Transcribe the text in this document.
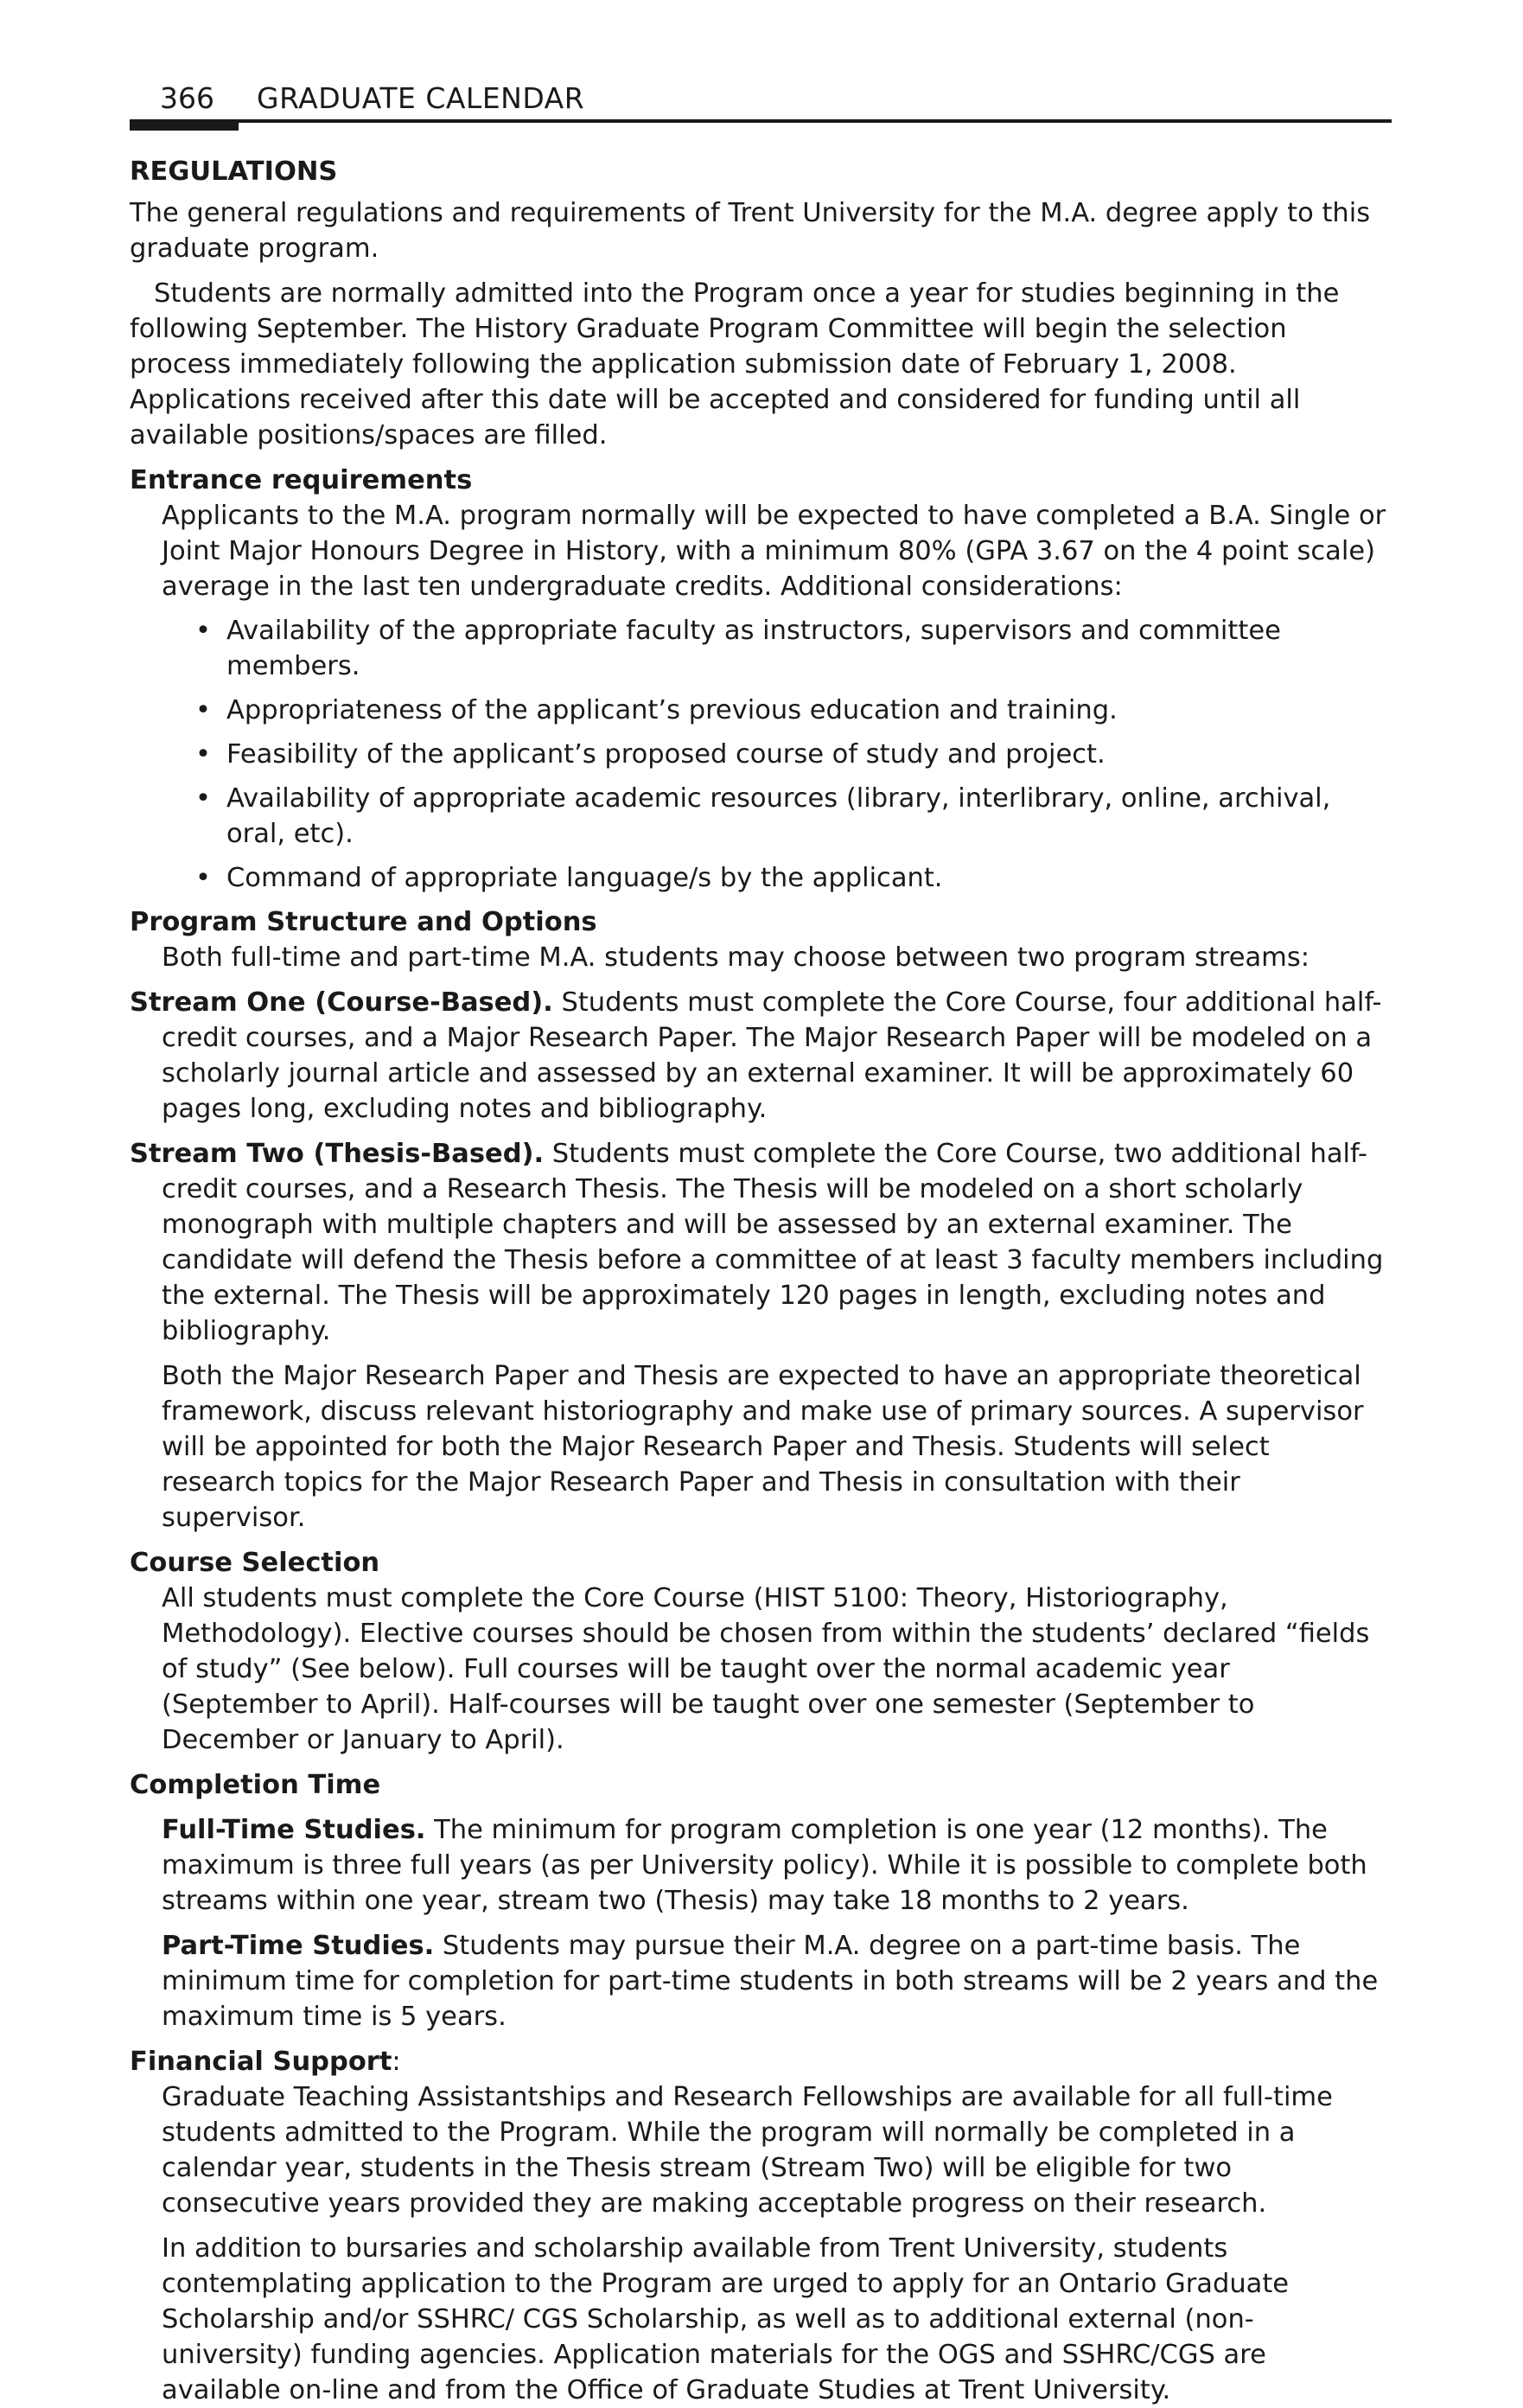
366 GRADUATE CALENDAR

REGULATIONS

The general regulations and requirements of Trent University for the M.A. degree apply to this graduate program.

Students are normally admitted into the Program once a year for studies beginning in the following September. The History Graduate Program Committee will begin the selection process immediately following the application submission date of February 1, 2008. Applications received after this date will be accepted and considered for funding until all available positions/spaces are filled.

Entrance requirements

Applicants to the M.A. program normally will be expected to have completed a B.A. Single or Joint Major Honours Degree in History, with a minimum 80% (GPA 3.67 on the 4 point scale) average in the last ten undergraduate credits. Additional considerations:

• Availability of the appropriate faculty as instructors, supervisors and committee members.
• Appropriateness of the applicant’s previous education and training.
• Feasibility of the applicant’s proposed course of study and project.
• Availability of appropriate academic resources (library, interlibrary, online, archival, oral, etc).
• Command of appropriate language/s by the applicant.

Program Structure and Options

Both full-time and part-time M.A. students may choose between two program streams:

Stream One (Course-Based). Students must complete the Core Course, four additional half-credit courses, and a Major Research Paper. The Major Research Paper will be modeled on a scholarly journal article and assessed by an external examiner. It will be approximately 60 pages long, excluding notes and bibliography.

Stream Two (Thesis-Based). Students must complete the Core Course, two additional half-credit courses, and a Research Thesis. The Thesis will be modeled on a short scholarly monograph with multiple chapters and will be assessed by an external examiner. The candidate will defend the Thesis before a committee of at least 3 faculty members including the external. The Thesis will be approximately 120 pages in length, excluding notes and bibliography.

Both the Major Research Paper and Thesis are expected to have an appropriate theoretical framework, discuss relevant historiography and make use of primary sources. A supervisor will be appointed for both the Major Research Paper and Thesis. Students will select research topics for the Major Research Paper and Thesis in consultation with their supervisor.

Course Selection

All students must complete the Core Course (HIST 5100: Theory, Historiography, Methodology). Elective courses should be chosen from within the students’ declared “fields of study” (See below). Full courses will be taught over the normal academic year (September to April). Half-courses will be taught over one semester (September to December or January to April).

Completion Time

Full-Time Studies. The minimum for program completion is one year (12 months). The maximum is three full years (as per University policy). While it is possible to complete both streams within one year, stream two (Thesis) may take 18 months to 2 years.

Part-Time Studies. Students may pursue their M.A. degree on a part-time basis. The minimum time for completion for part-time students in both streams will be 2 years and the maximum time is 5 years.

Financial Support:

Graduate Teaching Assistantships and Research Fellowships are available for all full-time students admitted to the Program. While the program will normally be completed in a calendar year, students in the Thesis stream (Stream Two) will be eligible for two consecutive years provided they are making acceptable progress on their research.

In addition to bursaries and scholarship available from Trent University, students contemplating application to the Program are urged to apply for an Ontario Graduate Scholarship and/or SSHRC/ CGS Scholarship, as well as to additional external (non-university) funding agencies. Application materials for the OGS and SSHRC/CGS are available on-line and from the Office of Graduate Studies at Trent University.
